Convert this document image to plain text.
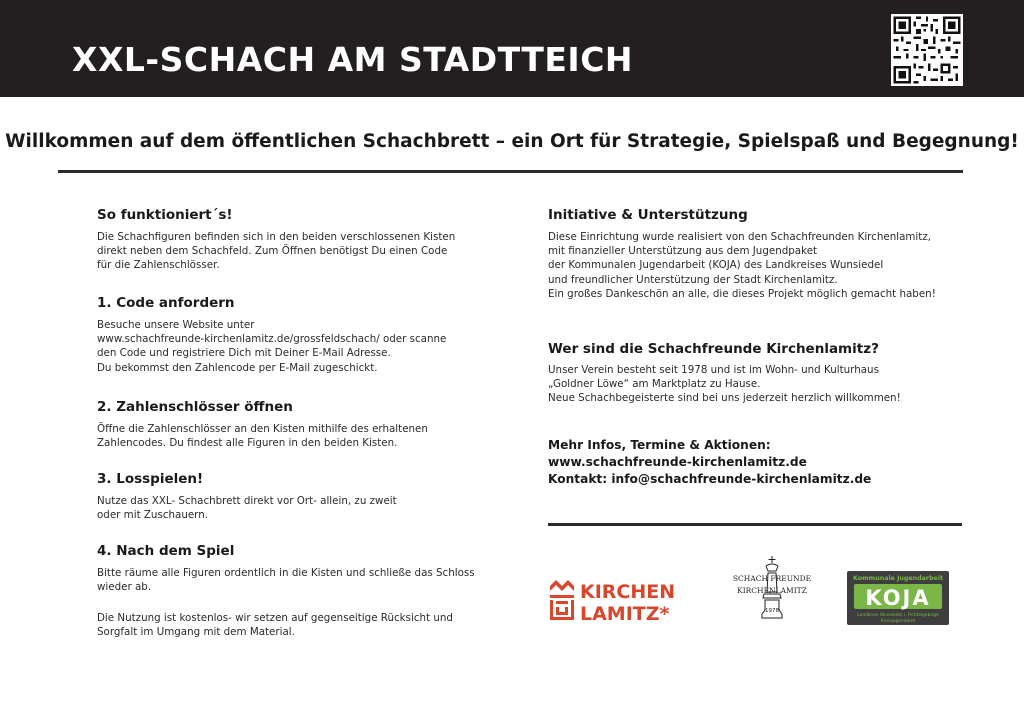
XXL-SCHACH AM STADTTEICH
Willkommen auf dem öffentlichen Schachbrett – ein Ort für Strategie, Spielspaß und Begegnung!
So funktioniert´s!
Die Schachfiguren befinden sich in den beiden verschlossenen Kisten
direkt neben dem Schachfeld. Zum Öffnen benötigst Du einen Code
für die Zahlenschlösser.
1. Code anfordern
Besuche unsere Website unter
www.schachfreunde-kirchenlamitz.de/grossfeldschach/ oder scanne
den Code und registriere Dich mit Deiner E-Mail Adresse.
Du bekommst den Zahlencode per E-Mail zugeschickt.
2. Zahlenschlösser öffnen
Öffne die Zahlenschlösser an den Kisten mithilfe des erhaltenen
Zahlencodes. Du findest alle Figuren in den beiden Kisten.
3. Losspielen!
Nutze das XXL- Schachbrett direkt vor Ort- allein, zu zweit
oder mit Zuschauern.
4. Nach dem Spiel
Bitte räume alle Figuren ordentlich in die Kisten und schließe das Schloss
wieder ab.
Die Nutzung ist kostenlos- wir setzen auf gegenseitige Rücksicht und
Sorgfalt im Umgang mit dem Material.
Initiative & Unterstützung
Diese Einrichtung wurde realisiert von den Schachfreunden Kirchenlamitz,
mit finanzieller Unterstützung aus dem Jugendpaket
der Kommunalen Jugendarbeit (KOJA) des Landkreises Wunsiedel
und freundlicher Unterstützung der Stadt Kirchenlamitz.
Ein großes Dankeschön an alle, die dieses Projekt möglich gemacht haben!
Wer sind die Schachfreunde Kirchenlamitz?
Unser Verein besteht seit 1978 und ist im Wohn- und Kulturhaus
„Goldner Löwe“ am Marktplatz zu Hause.
Neue Schachbegeisterte sind bei uns jederzeit herzlich willkommen!
Mehr Infos, Termine & Aktionen:
www.schachfreunde-kirchenlamitz.de
Kontakt: info@schachfreunde-kirchenlamitz.de
KIRCHEN
LAMITZ*
SCHACH FREUNDE
KIRCHENLAMITZ
1978
Kommunale Jugendarbeit
KOJA
Landkreis Wunsiedel i. Fichtelgebirge
Kreisjugendamt
